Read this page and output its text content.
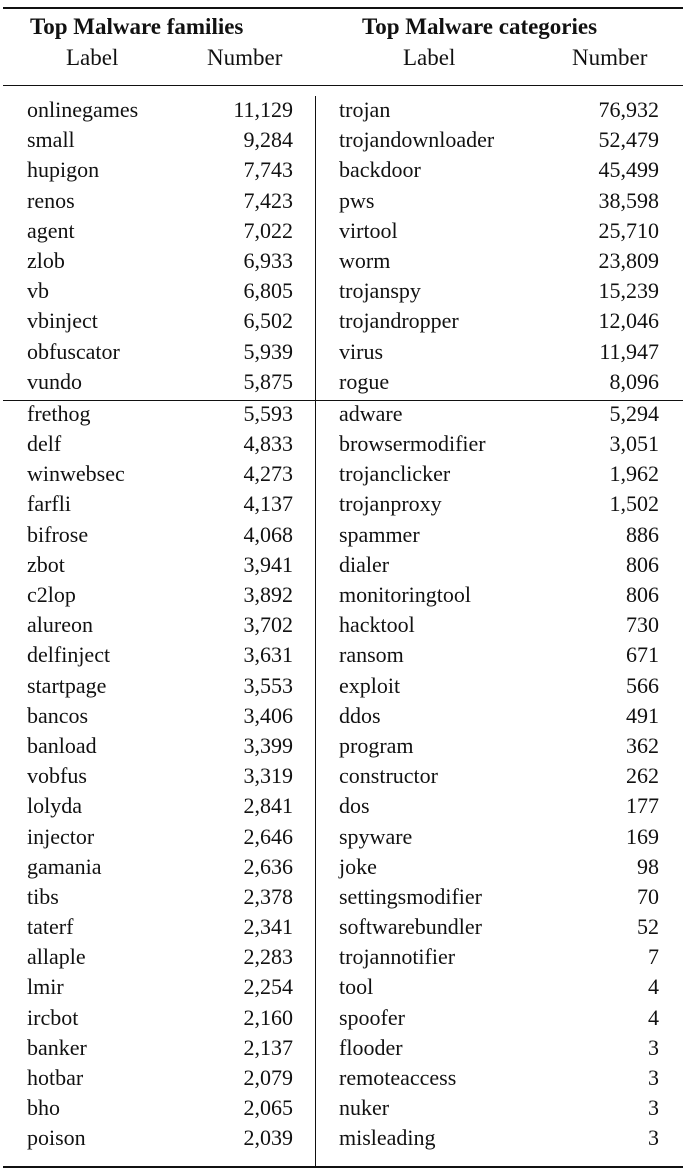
Top Malware families	Top Malware categories
Label	Number	Label	Number
onlinegames	11,129 trojan	76,932
small	9,284 trojandownloader	52,479
hupigon	7,743 backdoor	45,499
renos	7,423 pws	38,598
agent	7,022 virtool	25,710
zlob	6,933 worm	23,809
vb	6,805 trojanspy	15,239
vbinject	6,502 trojandropper	12,046
obfuscator	5,939 virus	11,947
vundo	5,875 rogue	8,096
frethog	5,593 adware	5,294
delf	4,833 browsermodifier	3,051
winwebsec	4,273 trojanclicker	1,962
farfli	4,137 trojanproxy	1,502
bifrose	4,068 spammer	886
zbot	3,941 dialer	806
c2lop	3,892 monitoringtool	806
alureon	3,702 hacktool	730
delfinject	3,631 ransom	671
startpage	3,553 exploit	566
bancos	3,406 ddos	491
banload	3,399 program	362
vobfus	3,319 constructor	262
lolyda	2,841 dos	177
injector	2,646 spyware	169
gamania	2,636 joke	98
tibs	2,378 settingsmodifier	70
taterf	2,341 softwarebundler	52
allaple	2,283 trojannotifier	7
lmir	2,254 tool	4
ircbot	2,160 spoofer	4
banker	2,137 flooder	3
hotbar	2,079 remoteaccess	3
bho	2,065 nuker	3
poison	2,039 misleading	3
